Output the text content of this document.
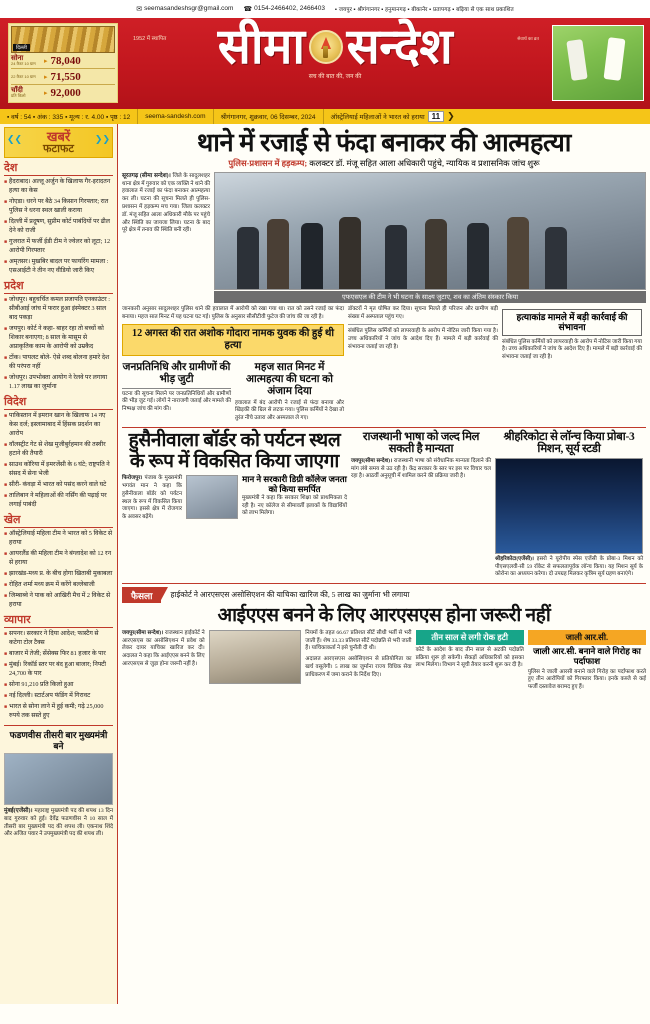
✉ seemasandeshsgr@gmail.com ☎ 0154-2466402, 2466403 ▪ जयपुर ▪ श्रीगंगानगर ▪ हनुमानगढ़ ▪ बीकानेर ▪ प्रतापगढ़ ▪ बढ़िया से एक साथ प्रकाशित
दिल्ली
सोना
24 कैरट 10 ग्राम	▸ 78,040
22 कैरट 10 ग्राम	▸ 71,550
चाँदी
प्रति किलो	▸ 92,000
1952 में स्थापित	सेवार्थ का व्रत
सीमा सन्देश
सच की बात की, जन की
▪ वर्ष : 54 ▪ अंक : 335 ▪ मूल्य : र. 4.00 ▪ पृष्ठ : 12	seema-sandesh.com	श्रीगंगानगर, शुक्रवार, 06 दिसम्बर, 2024	ऑस्ट्रेलियाई महिलाओं ने भारत को हराया 11 ❯
❮❮	❯❯
खबरें
फटाफट
देश
■ हैदराबाद। अल्लू अर्जुन के खिलाफ गैर-इरादतन हत्या का केस
■ नोएडा। धरने पर बैठे 34 किसान गिरफ्तार; रात पुलिस ने धरना स्थल खाली कराया
■ दिल्ली में प्रदूषण, सुप्रीम कोर्ट पाबंदियों पर ढील देने को राजी
■ गुजरात में फर्जी ईडी टीम ने ज्वेलर को लूटा; 12 आरोपी गिरफ्तार
■ अमृतसर। मुखबिर बादल पर फायरिंग मामला : एसआईटी ने तीन नए वीडियो जारी किए
प्रदेश
■ जोधपुर। बहुचर्चित कमल प्रजापति एनकाउंटर : सीबीआई जांच में फरार हुआ इंस्पेक्टर 3 साल बाद पकड़ा
■ जयपुर। कोर्ट ने कहा- बाहर रहा तो बच्चों को शिकार बनाएगा; 8 साल के मासूम से अप्राकृतिक काम के आरोपी को उम्रकैद
■ टोंक। पायलट बोले- ऐसे शब्द बोलना हमारे देश की परंपरा नहीं
■ जोधपुर। उपभोक्ता आयोग ने रेलवे पर लगाया 1.17 लाख का जुर्माना
विदेश
■ पाकिस्तान में इमरान खान के खिलाफ 14 नए केस दर्ज; इस्लामाबाद में हिंसक प्रदर्शन का आरोप
■ वॉलस्ट्रीट गेट से शेख मुजीबुर्रहमान की तस्वीर हटाने की तैयारी
■ साउथ कोरिया में इमरजेंसी के 6 घंटे; राष्ट्रपति ने संसद में सेना भेजी
■ सीरी- कंवड़ा में भारत को पसंद करने वाले घटे
■ तालिबान ने महिलाओं की नर्सिंग की पढ़ाई पर लगाई पाबंदी
खेल
■ ऑस्ट्रेलियाई महिला टीम ने भारत को 5 विकेट से हराया
■ आयरलैंड की महिला टीम ने बंग्लादेश को 12 रन से हराया
■ झारखंड-मध्य प्र. के बीच होगा खिताबी मुकाबला
■ रोहित शर्मा मध्य क्रम में करेंगे बल्लेबाजी
■ जिम्बाब्वे ने पाक को आखिरी मैच में 2 विकेट से हराया
व्यापार
■ सपनर। सरकार ने दिया आदेश; फास्टैग से कटेगा टोल टैक्स
■ बाजार में तेजी; सेंसेक्स फिर 81 हजार के पार
■ मुंबई। रिकॉर्ड स्तर पर बंद हुआ बाजार; निफ्टी 24,700 के पार
■ सोना 91,210 प्रति किलो हुआ
■ नई दिल्ली। स्टार्टअप फंडिंग में गिरावट
■ भारत से सोना लाने में हुई कमी; गढ़े 25,000 रुपये तक सस्ते हुए
फडणवीस तीसरी बार मुख्यमंत्री बने
मुंबई(एजेंसी)। महाराष्ट्र मुख्यमंत्री पद की शपथ 13 दिन बाद गुरुवार को हुई। देवेंद्र फडणवीस ने 10 साल में तीसरी बार मुख्यमंत्री पद की शपथ ली। एकनाथ शिंदे और अजित पवार ने उपमुख्यमंत्री पद की शपथ ली।
थाने में रजाई से फंदा बनाकर की आत्महत्या
पुलिस-प्रशासन में हड़कम्प; कलक्टर डॉ. मंजू सहित आला अधिकारी पहुंचे, न्यायिक व प्रशासनिक जांच शुरू
सूरतगढ़ (सीमा सन्देश)। जिले के सादुलशहर थाना क्षेत्र में गुरुवार को एक व्यक्ति ने थाने की हवालात में रजाई का फंदा बनाकर आत्महत्या कर ली। घटना की सूचना मिलते ही पुलिस-प्रशासन में हड़कम्प मच गया। जिला कलक्टर डॉ. मंजू सहित आला अधिकारी मौके पर पहुंचे और स्थिति का जायजा लिया। घटना के बाद पूरे क्षेत्र में तनाव की स्थिति बनी रही।
एफएसएल की टीम ने भी घटना के साक्ष्य जुटाए, शव का अंतिम संस्कार किया
जानकारी अनुसार सादुलशहर पुलिस थाने की हवालात में आरोपी को रखा गया था। रात को उसने रजाई का फंदा बनाया। महज सात मिनट में यह घटना घट गई। पुलिस के अनुसार सीसीटीवी फुटेज की जांच की जा रही है।
12 अगस्त की रात अशोक गोदारा नामक युवक की हुई थी हत्या
जनप्रतिनिधि और ग्रामीणों की भीड़ जुटी
घटना की सूचना मिलने पर जनप्रतिनिधियों और ग्रामीणों की भीड़ जुट गई। लोगों ने नाराजगी जताई और मामले की निष्पक्ष जांच की मांग की।
महज सात मिनट में आत्महत्या की घटना को अंजाम दिया
हवालात में बंद आरोपी ने रजाई से फंदा बनाया और खिड़की की ग्रिल से लटक गया। पुलिस कर्मियों ने देखा तो तुरंत नीचे उतारा और अस्पताल ले गए।
डॉक्टरों ने मृत घोषित कर दिया। सूचना मिलते ही परिजन और ग्रामीण बड़ी संख्या में अस्पताल पहुंच गए।
संबंधित पुलिस कर्मियों को लापरवाही के आरोप में नोटिस जारी किया गया है। उच्च अधिकारियों ने जांच के आदेश दिए हैं। मामले में बड़ी कार्रवाई की संभावना जताई जा रही है।
हत्याकांड मामले में बड़ी कार्रवाई की संभावना
संबंधित पुलिस कर्मियों को लापरवाही के आरोप में नोटिस जारी किया गया है। उच्च अधिकारियों ने जांच के आदेश दिए हैं। मामले में बड़ी कार्रवाई की संभावना जताई जा रही है।
हुसैनीवाला बॉर्डर को पर्यटन स्थल के रूप में विकसित किया जाएगा
फिरोजपुर। पंजाब के मुख्यमंत्री भगवंत मान ने कहा कि हुसैनीवाला बॉर्डर को पर्यटन स्थल के रूप में विकसित किया जाएगा। इससे क्षेत्र में रोजगार के अवसर बढ़ेंगे।
मान ने सरकारी डिग्री कॉलेज जनता को किया समर्पित
मुख्यमंत्री ने कहा कि सरकार शिक्षा को प्राथमिकता दे रही है। नए कॉलेज से सीमावर्ती इलाकों के विद्यार्थियों को लाभ मिलेगा।
राजस्थानी भाषा को जल्द मिल सकती है मान्यता
जयपुर(सीमा सन्देश)। राजस्थानी भाषा को संवैधानिक मान्यता दिलाने की मांग लंबे समय से उठ रही है। केंद्र सरकार के स्तर पर इस पर विचार चल रहा है। आठवीं अनुसूची में शामिल करने की प्रक्रिया जारी है।
श्रीहरिकोटा से लॉन्च किया प्रोबा-3 मिशन, सूर्य स्टडी
श्रीहरिकोटा(एजेंसी)। इसरो ने यूरोपीय स्पेस एजेंसी के प्रोबा-3 मिशन को पीएसएलवी-सी 59 रॉकेट से सफलतापूर्वक लॉन्च किया। यह मिशन सूर्य के कोरोना का अध्ययन करेगा। दो उपग्रह मिलकर कृत्रिम सूर्य ग्रहण बनाएंगे।
फैसला	हाईकोर्ट ने आरएसएस असोसिएशन की याचिका खारिज की, 5 लाख का जुर्माना भी लगाया
आईएएस बनने के लिए आरएसएस होना जरूरी नहीं
जयपुर(सीमा सन्देश)। राजस्थान हाईकोर्ट ने आरएसएस का असोसिएशन में प्रवेश को लेकर दायर याचिका खारिज कर दी। अदालत ने कहा कि आईएएस बनने के लिए आरएसएस से जुड़ा होना जरूरी नहीं है।
नियमों के तहत 66.67 प्रतिशत सीटें सीधी भर्ती से भरी जाती हैं। शेष 33.33 प्रतिशत सीटें पदोन्नति से भरी जाती हैं। याचिकाकर्ता ने इसे चुनौती दी थी।
अदालत आरएसएस असोसिएशन से प्रतियोगिता का खर्च वसूलेगी। 5 लाख का जुर्माना राज्य विधिक सेवा प्राधिकरण में जमा कराने के निर्देश दिए।
तीन साल से लगी रोक हटी
कोर्ट के आदेश के बाद तीन साल से अटकी पदोन्नति प्रक्रिया शुरू हो सकेगी। सैकड़ों अधिकारियों को इसका लाभ मिलेगा। विभाग ने सूची तैयार करनी शुरू कर दी है।
जाली आर.सी.
जाली आर.सी. बनाने वाले गिरोह का पर्दाफाश
पुलिस ने जाली आरसी बनाने वाले गिरोह का पर्दाफाश करते हुए तीन आरोपियों को गिरफ्तार किया। इनके कब्जे से कई फर्जी दस्तावेज बरामद हुए हैं।
